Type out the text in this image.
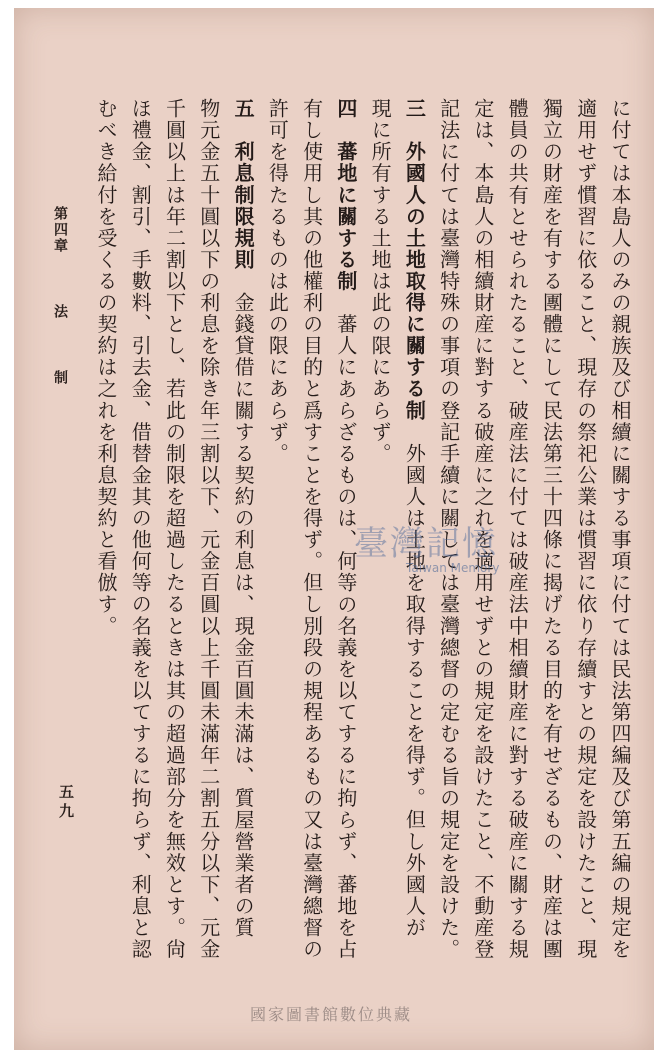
第四章
法
制	に付ては本島人のみの親族及び相續に關する事項に付ては民法第四編及び第五編の規定を
適用せず慣習に依ること、現存の祭祀公業は慣習に依り存續すとの規定を設けたこと、現
獨立の財産を有する團體にして民法第三十四條に揭げたる目的を有せざるもの、財産は團
體員の共有とせられたること、破産法に付ては破産法中相續財産に對する破産に關する規
定は、本島人の相續財産に對する破産に之れを適用せずとの規定を設けたこと、不動産登
記法に付ては臺灣特殊の事項の登記手續に關しては臺灣總督の定むる旨の規定を設けた。
三　外國人の土地取得に關する制　外國人は土地を取得することを得ず。但し外國人が
現に所有する土地は此の限にあらず。
四　蕃地に關する制　蕃人にあらざるものは、何等の名義を以てするに拘らず、蕃地を占
有し使用し其の他權利の目的と爲すことを得ず。但し別段の規程あるもの又は臺灣總督の
許可を得たるものは此の限にあらず。
五　利息制限規則　金錢貸借に關する契約の利息は、現金百圓未滿は、質屋營業者の質
物元金五十圓以下の利息を除き年三割以下、元金百圓以上千圓未滿年二割五分以下、元金
千圓以上は年二割以下とし、若此の制限を超過したるときは其の超過部分を無效とす。尙
ほ禮金、割引、手數料、引去金、借替金其の他何等の名義を以てするに拘らず、利息と認
むべき給付を受くるの契約は之れを利息契約と看倣す。
五九
臺灣記憶
Taiwan Memory
國家圖書館數位典藏
